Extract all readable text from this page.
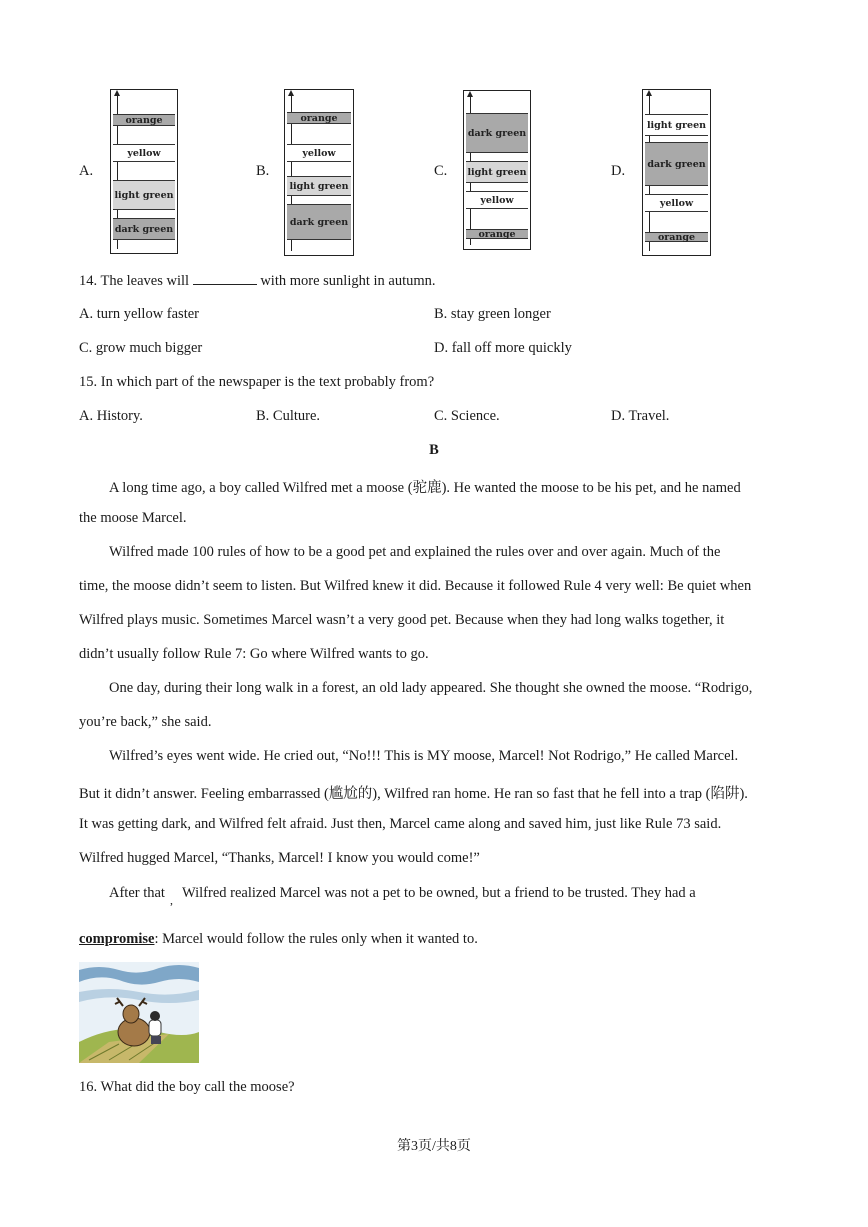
A.
orange
yellow
light green
dark green
B.
orange
yellow
light green
dark green
C.
dark green
light green
yellow
orange
D.
light green
dark green
yellow
orange
14. The leaves will	with more sunlight in autumn.
A. turn yellow faster	B. stay green longer
C. grow much bigger	D. fall off more quickly
15. In which part of the newspaper is the text probably from?
A. History.	B. Culture.	C. Science.	D. Travel.
B
A long time ago, a boy called Wilfred met a moose (驼鹿). He wanted the moose to be his pet, and he named
the moose Marcel.
Wilfred made 100 rules of how to be a good pet and explained the rules over and over again. Much of the
time, the moose didn’t seem to listen. But Wilfred knew it did. Because it followed Rule 4 very well: Be quiet when
Wilfred plays music. Sometimes Marcel wasn’t a very good pet. Because when they had long walks together, it
didn’t usually follow Rule 7: Go where Wilfred wants to go.
One day, during their long walk in a forest, an old lady appeared. She thought she owned the moose. “Rodrigo,
you’re back,” she said.
Wilfred’s eyes went wide. He cried out, “No!!! This is MY moose, Marcel! Not Rodrigo,” He called Marcel.
But it didn’t answer. Feeling embarrassed (尴尬的), Wilfred ran home. He ran so fast that he fell into a trap (陷阱).
It was getting dark, and Wilfred felt afraid. Just then, Marcel came along and saved him, just like Rule 73 said.
Wilfred hugged Marcel, “Thanks, Marcel! I know you would come!”
After that , Wilfred realized Marcel was not a pet to be owned, but a friend to be trusted. They had a
compromise: Marcel would follow the rules only when it wanted to.
16. What did the boy call the moose?
第3页/共8页
